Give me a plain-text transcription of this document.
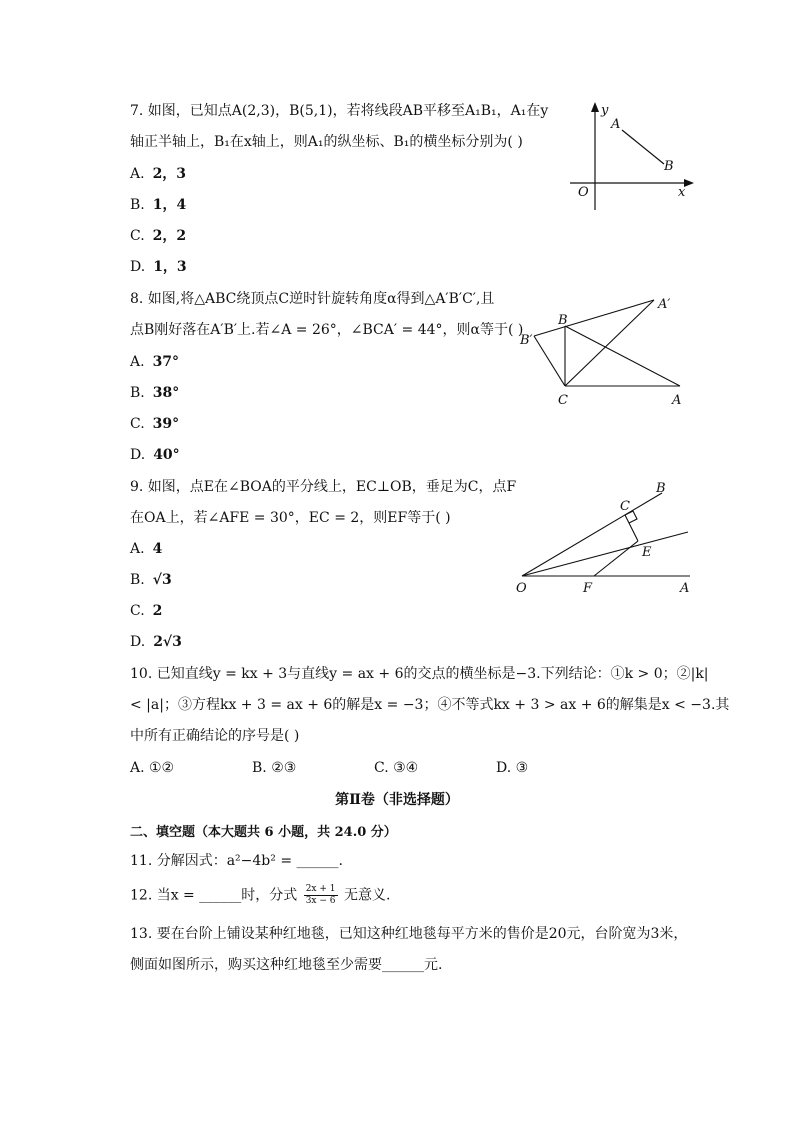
7. 如图，已知点A(2,3)，B(5,1)，若将线段AB平移至A₁B₁，A₁在y
轴正半轴上，B₁在x轴上，则A₁的纵坐标、B₁的横坐标分别为( )
A. 2，3
B. 1，4
C. 2，2
D. 1，3
y
x
O
A
B
8. 如图,将△ABC绕顶点C逆时针旋转角度α得到△A′B′C′,且
点B刚好落在A′B′上.若∠A = 26°，∠BCA′ = 44°，则α等于( )
A. 37°
B. 38°
C. 39°
D. 40°
A′
B
B′
C	A
9. 如图，点E在∠BOA的平分线上，EC⊥OB，垂足为C，点F
在OA上，若∠AFE = 30°，EC = 2，则EF等于( )
A. 4
B. √3
C. 2
D. 2√3
B
C
E
O	F	A
10. 已知直线y = kx + 3与直线y = ax + 6的交点的横坐标是−3.下列结论：①k > 0；②|k|
< |a|；③方程kx + 3 = ax + 6的解是x = −3；④不等式kx + 3 > ax + 6的解集是x < −3.其
中所有正确结论的序号是( )
A. ①②	B. ②③	C. ③④	D. ③
第Ⅱ卷（非选择题）
二、填空题（本大题共 6 小题，共 24.0 分）
11. 分解因式：a²−4b² = ______.
12. 当x = ______时，分式 $\frac{2x + 1}{3x - 6}$ 无意义.
13. 要在台阶上铺设某种红地毯，已知这种红地毯每平方米的售价是20元，台阶宽为3米，
侧面如图所示，购买这种红地毯至少需要______元.
